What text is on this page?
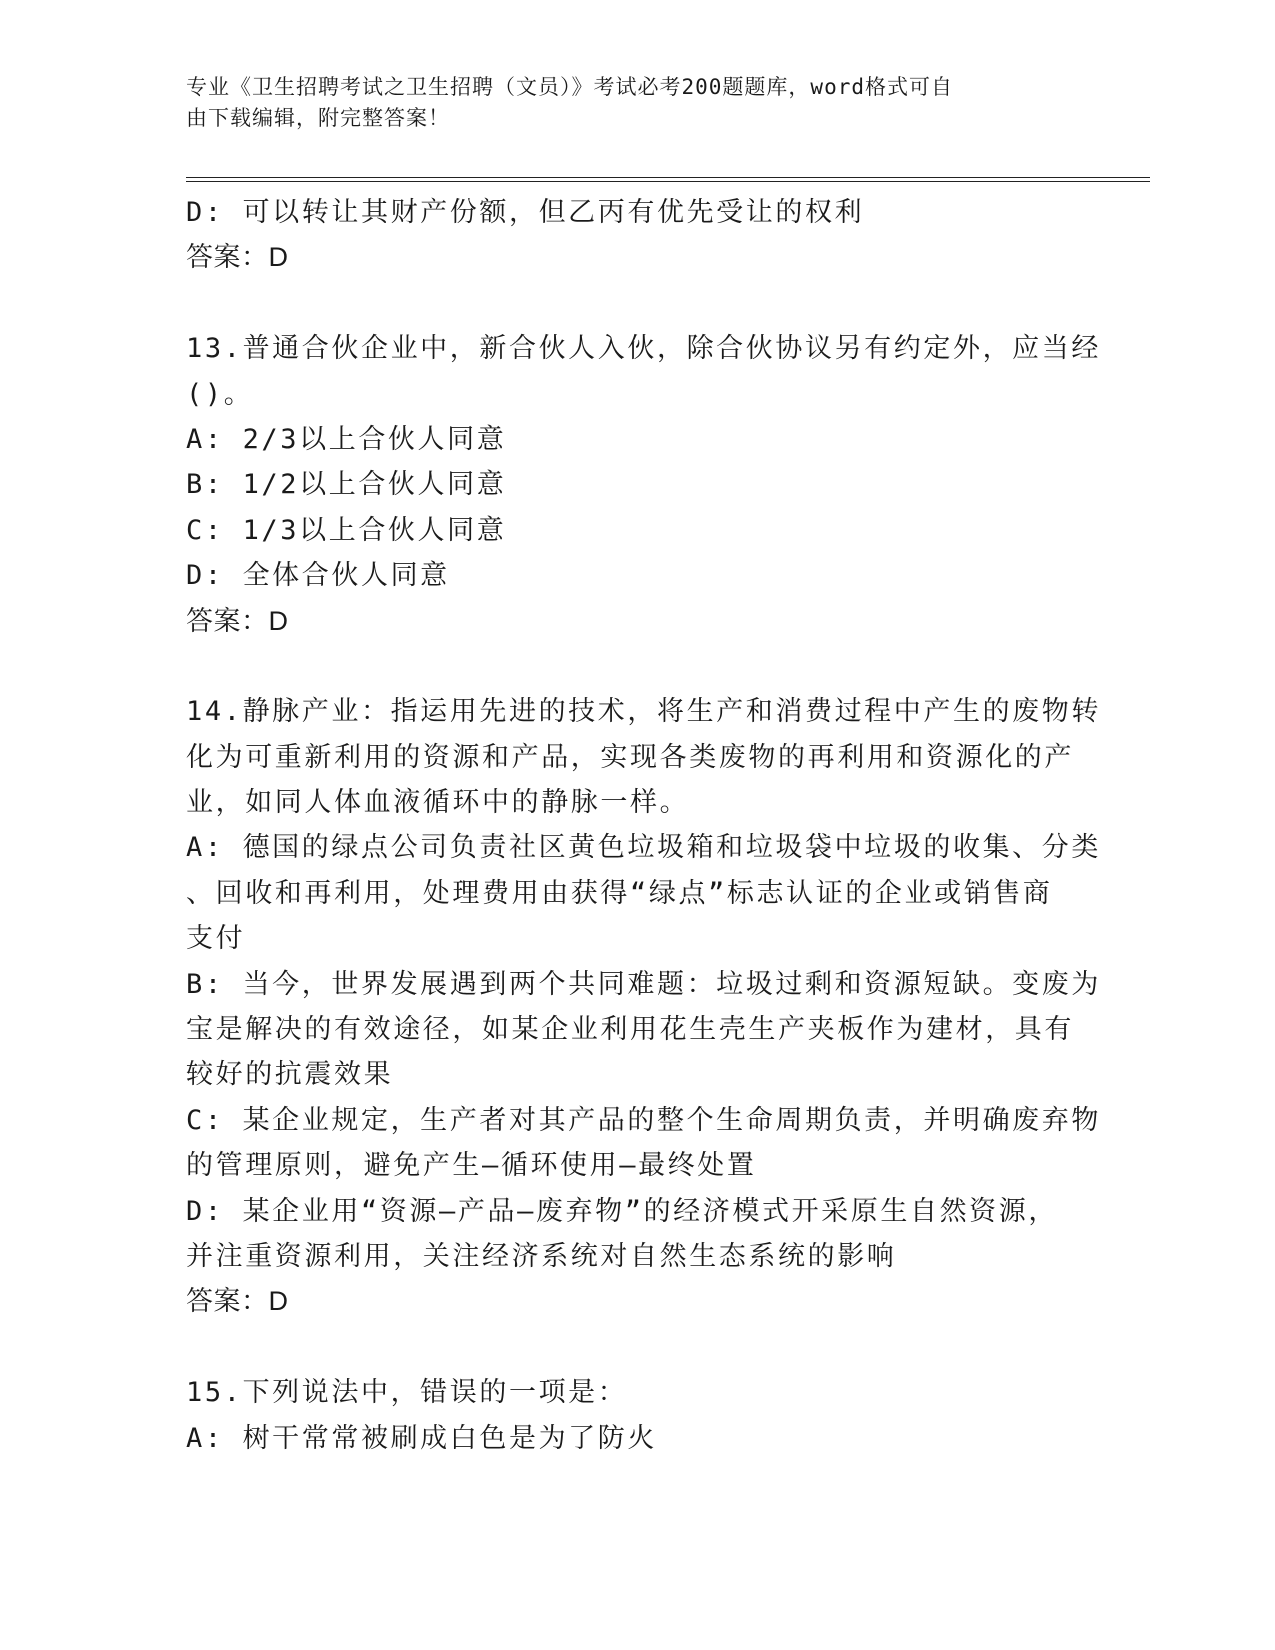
专业《卫生招聘考试之卫生招聘（文员）》考试必考200题题库，word格式可自
由下载编辑，附完整答案！
D: 可以转让其财产份额，但乙丙有优先受让的权利
答案：D
13.普通合伙企业中，新合伙人入伙，除合伙协议另有约定外，应当经
()。
A: 2/3以上合伙人同意
B: 1/2以上合伙人同意
C: 1/3以上合伙人同意
D: 全体合伙人同意
答案：D
14.静脉产业：指运用先进的技术，将生产和消费过程中产生的废物转
化为可重新利用的资源和产品，实现各类废物的再利用和资源化的产
业，如同人体血液循环中的静脉一样。
A: 德国的绿点公司负责社区黄色垃圾箱和垃圾袋中垃圾的收集、分类
、回收和再利用，处理费用由获得“绿点”标志认证的企业或销售商
支付
B: 当今，世界发展遇到两个共同难题：垃圾过剩和资源短缺。变废为
宝是解决的有效途径，如某企业利用花生壳生产夹板作为建材，具有
较好的抗震效果
C: 某企业规定，生产者对其产品的整个生命周期负责，并明确废弃物
的管理原则，避免产生—循环使用—最终处置
D: 某企业用“资源—产品—废弃物”的经济模式开采原生自然资源，
并注重资源利用，关注经济系统对自然生态系统的影响
答案：D
15.下列说法中，错误的一项是：
A: 树干常常被刷成白色是为了防火
